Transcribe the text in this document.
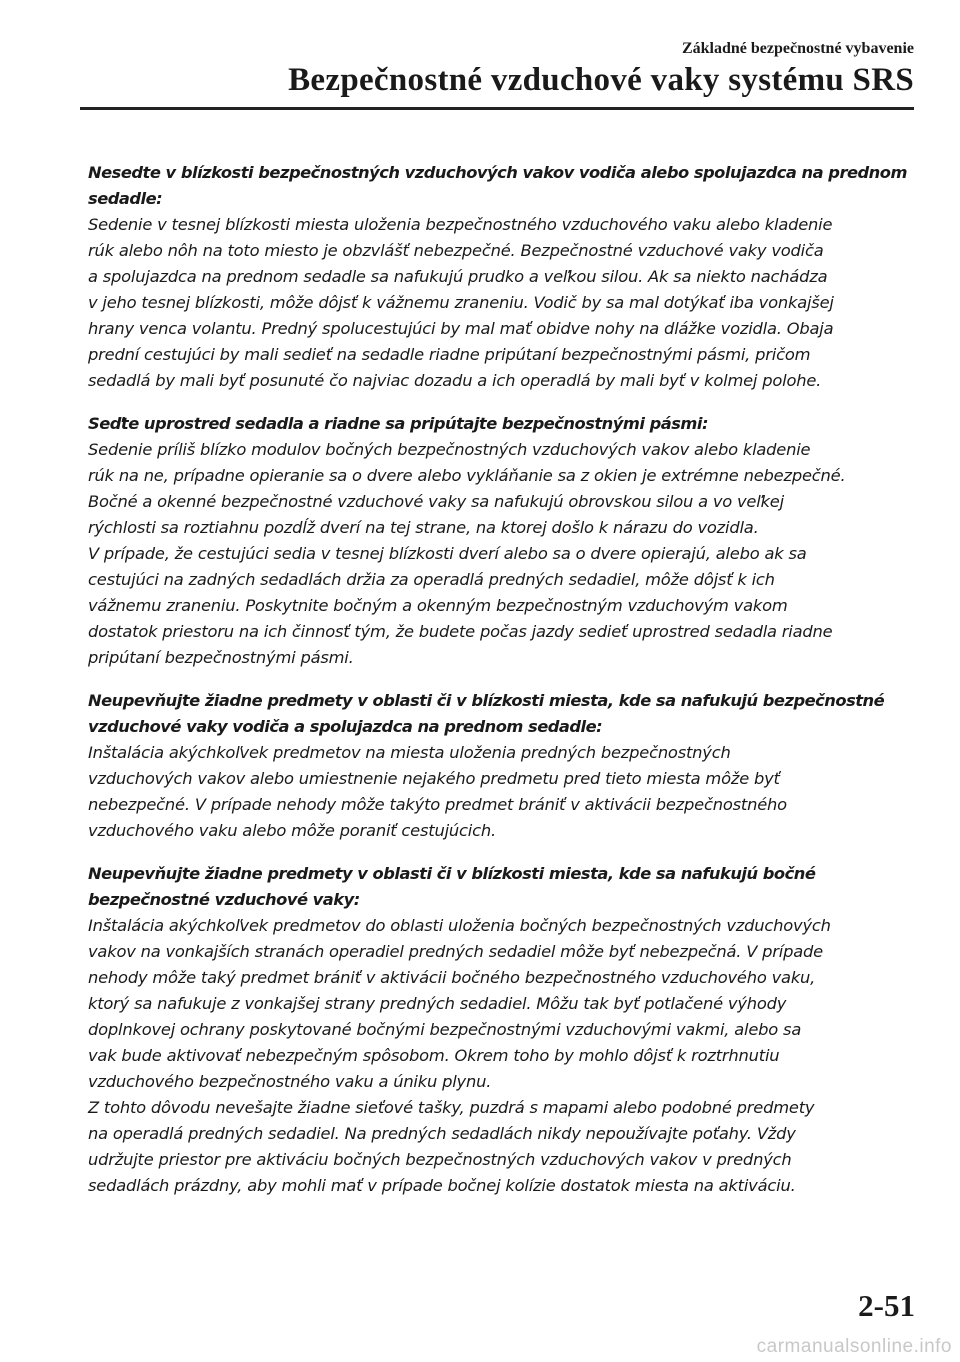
Základné bezpečnostné vybavenie
Bezpečnostné vzduchové vaky systému SRS
Nesedte v blízkosti bezpečnostných vzduchových vakov vodiča alebo spolujazdca na prednom sedadle:
Sedenie v tesnej blízkosti miesta uloženia bezpečnostného vzduchového vaku alebo kladenie
rúk alebo nôh na toto miesto je obzvlášť nebezpečné. Bezpečnostné vzduchové vaky vodiča
a spolujazdca na prednom sedadle sa nafukujú prudko a veľkou silou. Ak sa niekto nachádza
v jeho tesnej blízkosti, môže dôjsť k vážnemu zraneniu. Vodič by sa mal dotýkať iba vonkajšej
hrany venca volantu. Predný spolucestujúci by mal mať obidve nohy na dlážke vozidla. Obaja
prední cestujúci by mali sedieť na sedadle riadne pripútaní bezpečnostnými pásmi, pričom
sedadlá by mali byť posunuté čo najviac dozadu a ich operadlá by mali byť v kolmej polohe.
Seďte uprostred sedadla a riadne sa pripútajte bezpečnostnými pásmi:
Sedenie príliš blízko modulov bočných bezpečnostných vzduchových vakov alebo kladenie
rúk na ne, prípadne opieranie sa o dvere alebo vykláňanie sa z okien je extrémne nebezpečné.
Bočné a okenné bezpečnostné vzduchové vaky sa nafukujú obrovskou silou a vo veľkej
rýchlosti sa roztiahnu pozdĺž dverí na tej strane, na ktorej došlo k nárazu do vozidla.
V prípade, že cestujúci sedia v tesnej blízkosti dverí alebo sa o dvere opierajú, alebo ak sa
cestujúci na zadných sedadlách držia za operadlá predných sedadiel, môže dôjsť k ich
vážnemu zraneniu. Poskytnite bočným a okenným bezpečnostným vzduchovým vakom
dostatok priestoru na ich činnosť tým, že budete počas jazdy sedieť uprostred sedadla riadne
pripútaní bezpečnostnými pásmi.
Neupevňujte žiadne predmety v oblasti či v blízkosti miesta, kde sa nafukujú bezpečnostné vzduchové vaky vodiča a spolujazdca na prednom sedadle:
Inštalácia akýchkoľvek predmetov na miesta uloženia predných bezpečnostných
vzduchových vakov alebo umiestnenie nejakého predmetu pred tieto miesta môže byť
nebezpečné. V prípade nehody môže takýto predmet brániť v aktivácii bezpečnostného
vzduchového vaku alebo môže poraniť cestujúcich.
Neupevňujte žiadne predmety v oblasti či v blízkosti miesta, kde sa nafukujú bočné bezpečnostné vzduchové vaky:
Inštalácia akýchkoľvek predmetov do oblasti uloženia bočných bezpečnostných vzduchových
vakov na vonkajších stranách operadiel predných sedadiel môže byť nebezpečná. V prípade
nehody môže taký predmet brániť v aktivácii bočného bezpečnostného vzduchového vaku,
ktorý sa nafukuje z vonkajšej strany predných sedadiel. Môžu tak byť potlačené výhody
doplnkovej ochrany poskytované bočnými bezpečnostnými vzduchovými vakmi, alebo sa
vak bude aktivovať nebezpečným spôsobom. Okrem toho by mohlo dôjsť k roztrhnutiu
vzduchového bezpečnostného vaku a úniku plynu.
Z tohto dôvodu nevešajte žiadne sieťové tašky, puzdrá s mapami alebo podobné predmety
na operadlá predných sedadiel. Na predných sedadlách nikdy nepoužívajte poťahy. Vždy
udržujte priestor pre aktiváciu bočných bezpečnostných vzduchových vakov v predných
sedadlách prázdny, aby mohli mať v prípade bočnej kolízie dostatok miesta na aktiváciu.
2-51
carmanualsonline.info
